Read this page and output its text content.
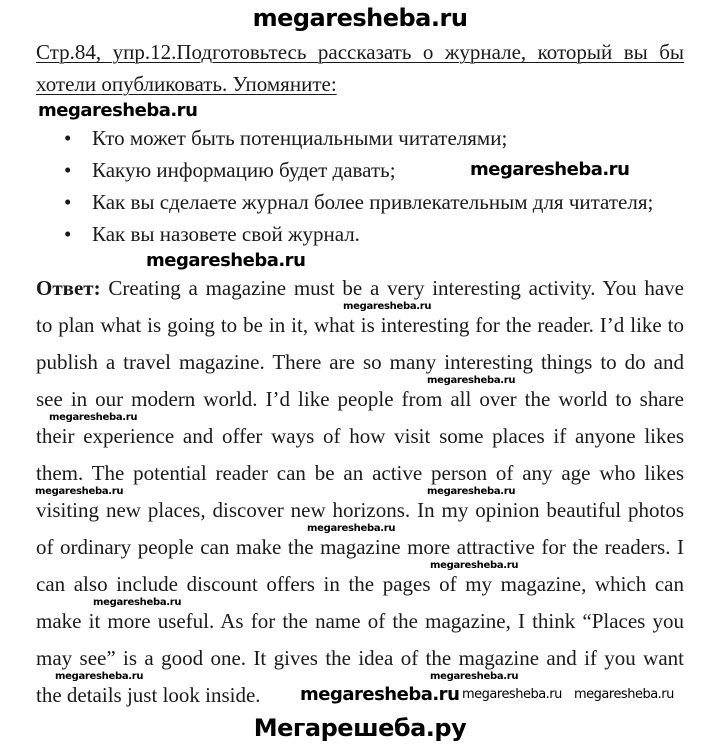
megaresheba.ru
Стр.84, упр.12.Подготовьтесь рассказать о журнале, который вы бы
хотели опубликовать. Упомяните:
megaresheba.ru
• Кто может быть потенциальными читателями;
• Какую информацию будет давать;	megaresheba.ru
• Как вы сделаете журнал более привлекательным для читателя;
• Как вы назовете свой журнал.
megaresheba.ru
Ответ: Creating a magazine must be a very interesting activity. You have
to plan what is going to be in it, what is interesting for the reader. I’d like to
publish a travel magazine. There are so many interesting things to do and
see in our modern world. I’d like people from all over the world to share
their experience and offer ways of how visit some places if anyone likes
them. The potential reader can be an active person of any age who likes
visiting new places, discover new horizons. In my opinion beautiful photos
of ordinary people can make the magazine more attractive for the readers. I
can also include discount offers in the pages of my magazine, which can
make it more useful. As for the name of the magazine, I think “Places you
may see” is a good one. It gives the idea of the magazine and if you want
the details just look inside.
megaresheba.ru
megaresheba.ru
megaresheba.ru
megaresheba.ru	megaresheba.ru
megaresheba.ru
megaresheba.ru
megaresheba.ru
megaresheba.ru	megaresheba.ru
megaresheba.ru megaresheba.ru megaresheba.ru
Мегарешеба.ру
